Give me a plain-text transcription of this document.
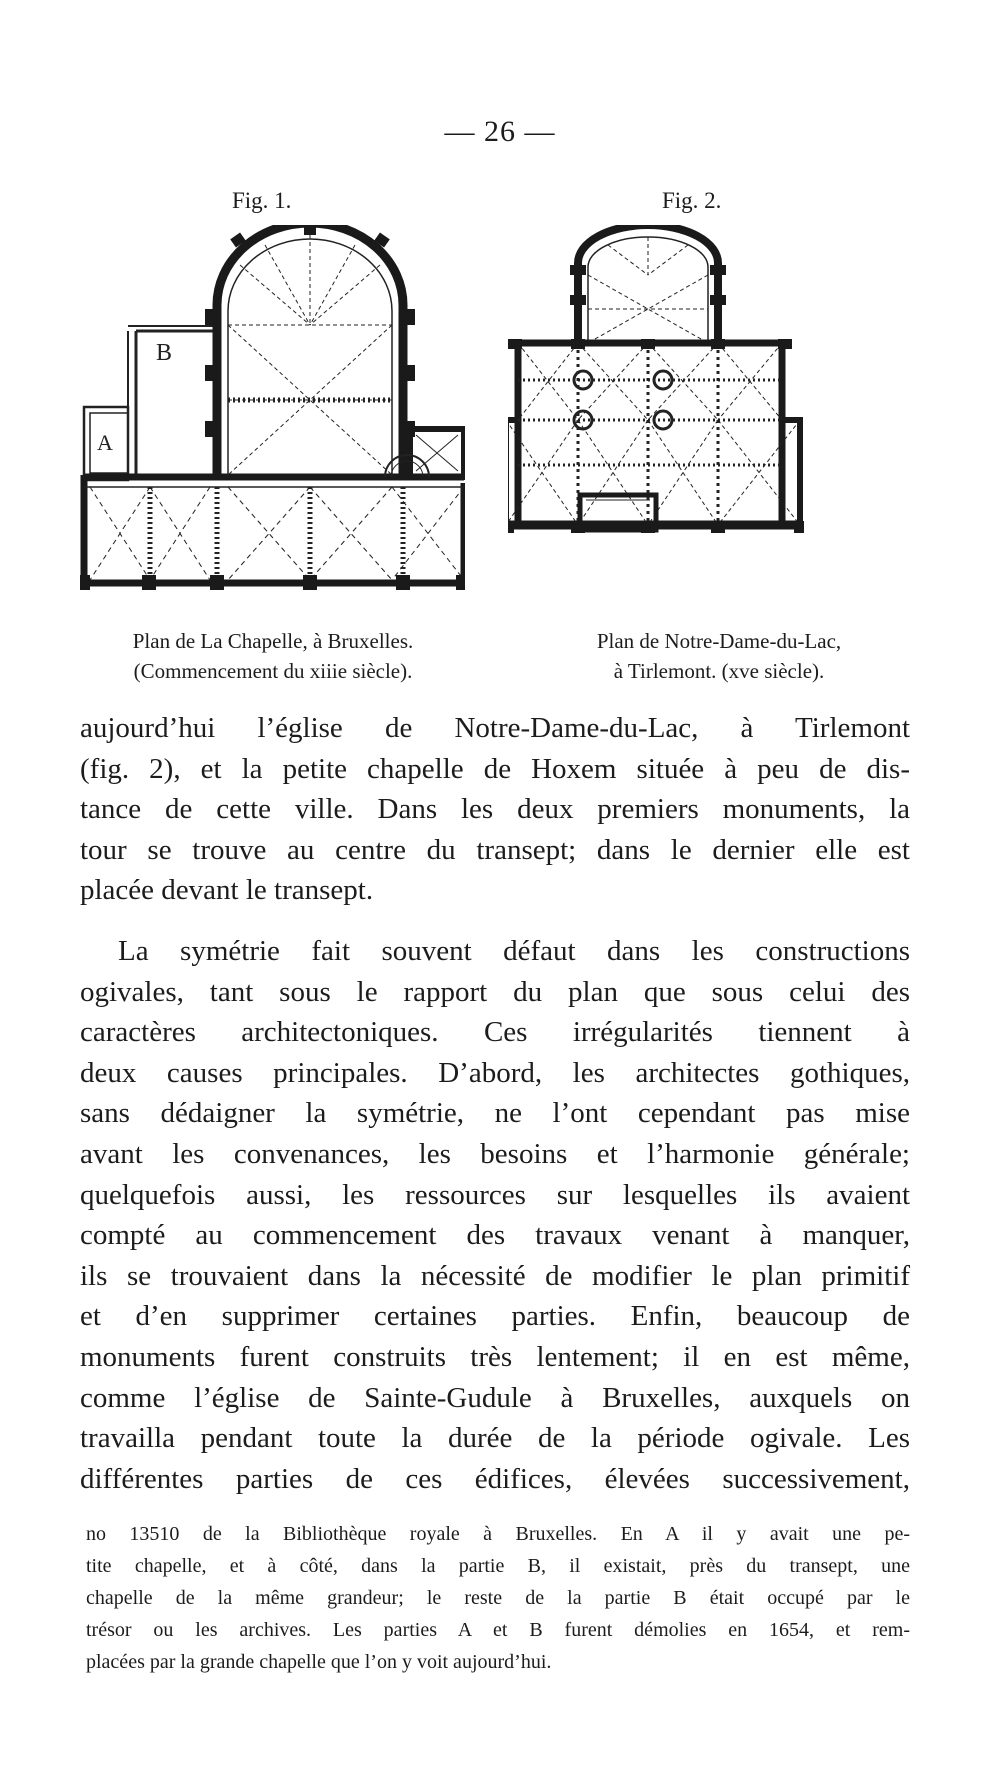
— 26 —
Fig. 1.	Fig. 2.
B
A
Plan de La Chapelle, à Bruxelles.
(Commencement du xiiie siècle).
Plan de Notre-Dame-du-Lac,
à Tirlemont. (xve siècle).
aujourd’hui l’église de Notre-Dame-du-Lac, à Tirlemont
(fig. 2), et la petite chapelle de Hoxem située à peu de dis-
tance de cette ville. Dans les deux premiers monuments, la
tour se trouve au centre du transept; dans le dernier elle est
placée devant le transept.
La symétrie fait souvent défaut dans les constructions
ogivales, tant sous le rapport du plan que sous celui des
caractères architectoniques. Ces irrégularités tiennent à
deux causes principales. D’abord, les architectes gothiques,
sans dédaigner la symétrie, ne l’ont cependant pas mise
avant les convenances, les besoins et l’harmonie générale;
quelquefois aussi, les ressources sur lesquelles ils avaient
compté au commencement des travaux venant à manquer,
ils se trouvaient dans la nécessité de modifier le plan primitif
et d’en supprimer certaines parties. Enfin, beaucoup de
monuments furent construits très lentement; il en est même,
comme l’église de Sainte-Gudule à Bruxelles, auxquels on
travailla pendant toute la durée de la période ogivale. Les
différentes parties de ces édifices, élevées successivement,
no 13510 de la Bibliothèque royale à Bruxelles. En A il y avait une pe-
tite chapelle, et à côté, dans la partie B, il existait, près du transept, une
chapelle de la même grandeur; le reste de la partie B était occupé par le
trésor ou les archives. Les parties A et B furent démolies en 1654, et rem-
placées par la grande chapelle que l’on y voit aujourd’hui.
